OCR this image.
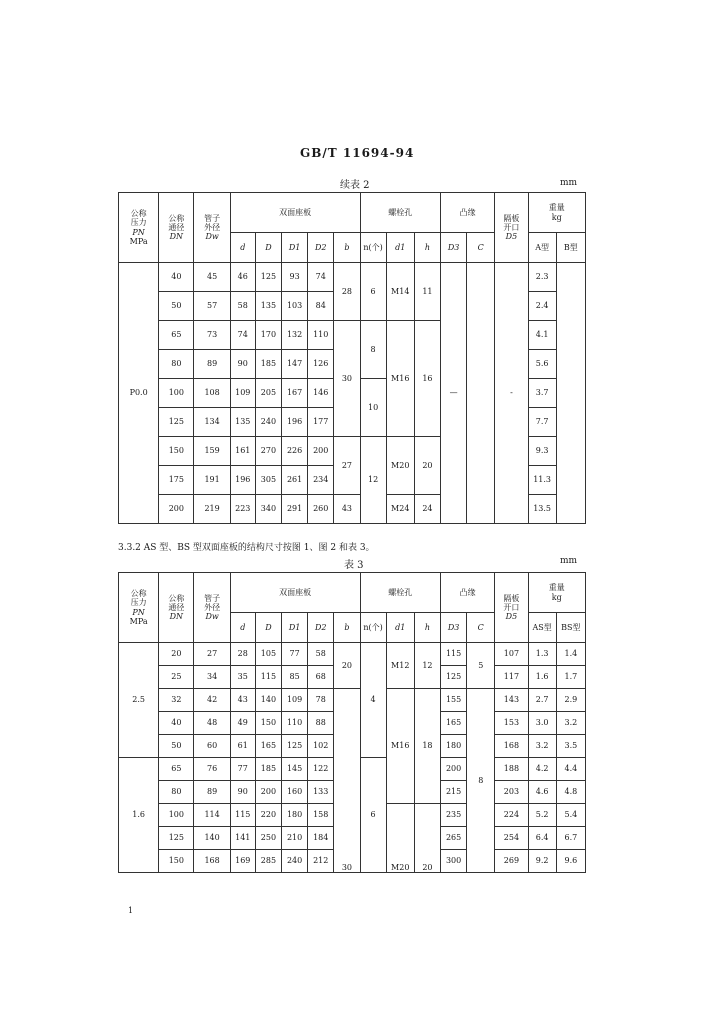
GB/T 11694-94
续表 2	mm
公称
压力
PN
MPa	公称
通径
DN	管子
外径
Dw	双面座板					螺栓孔			凸缘		隔板
开口
D5	重量
kg	
			d	D	D1	D2	b	n(个)	d1	h	D3	C		A型	B型
P0.0	40	45	46	125	93	74	28	6	M14	11	—		-	2.3	
	50	57	58	135	103	84								2.4	
	65	73	74	170	132	110	30	8	M16	16				4.1	
	80	89	90	185	147	126								5.6	
	100	108	109	205	167	146		10						3.7	
	125	134	135	240	196	177								7.7	
	150	159	161	270	226	200	27	12	M20	20				9.3	
	175	191	196	305	261	234								11.3	
	200	219	223	340	291	260	43		M24	24				13.5	
3.3.2 AS 型、BS 型双面座板的结构尺寸按图 1、图 2 和表 3。
表 3	mm
公称
压力
PN
MPa	公称
通径
DN	管子
外径
Dw	双面座板					螺栓孔			凸缘		隔板
开口
D5	重量
kg	
			d	D	D1	D2	b	n(个)	d1	h	D3	C		AS型	BS型
2.5	20	27	28	105	77	58	20	4	M12	12	115	5	107	1.3	1.4
	25	34	35	115	85	68					125		117	1.6	1.7
	32	42	43	140	109	78	30		M16	18	155	8	143	2.7	2.9
	40	48	49	150	110	88					165		153	3.0	3.2
	50	60	61	165	125	102					180		168	3.2	3.5
1.6	65	76	77	185	145	122		6			200		188	4.2	4.4
	80	89	90	200	160	133					215		203	4.6	4.8
	100	114	115	220	180	158			M20	20	235		224	5.2	5.4
	125	140	141	250	210	184					265		254	6.4	6.7
	150	168	169	285	240	212					300		269	9.2	9.6
1
